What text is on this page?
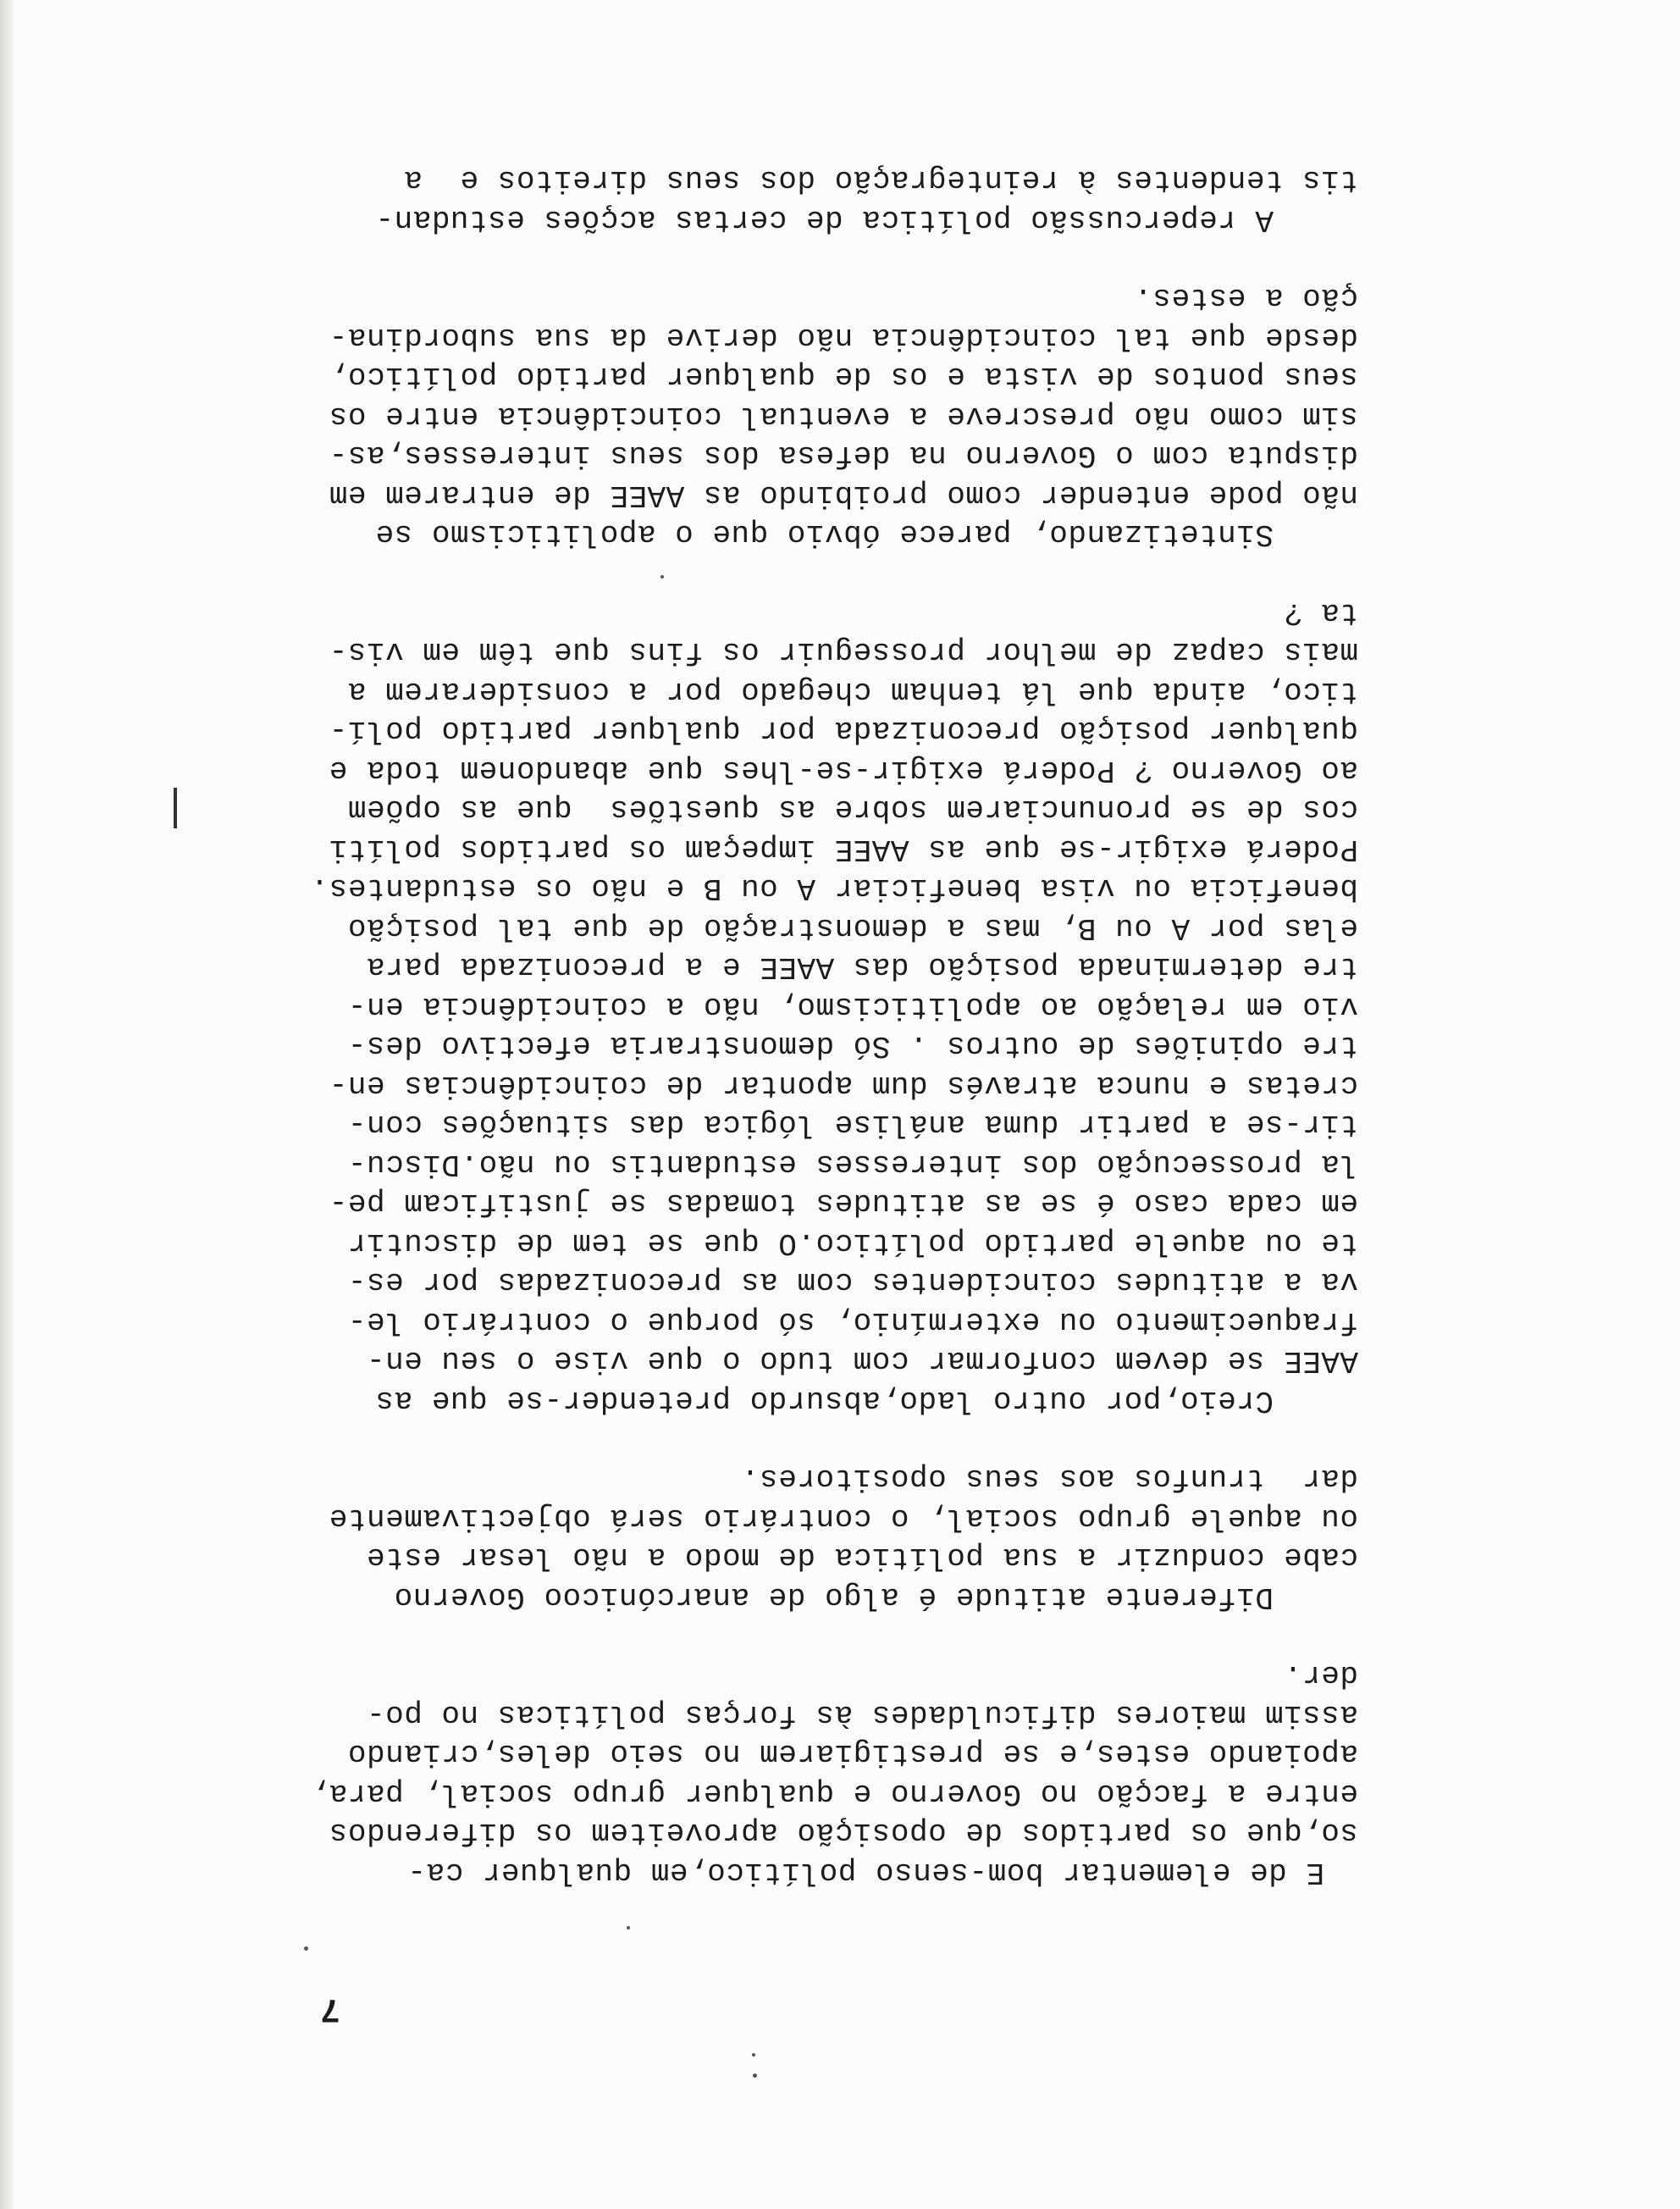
7
E de elementar bom-senso político,em qualquer ca-
so,que os partidos de oposição aproveitem os diferendos
entre a facção no Governo e qualquer grupo social, para,
apoiando estes,e se prestigiarem no seio deles,criando
assim maiores dificuldades às forças políticas no po-
der.
Diferente atitude é algo de anarcónicoo Governo
cabe conduzir a sua política de modo a não lesar este
ou aquele grupo social, o contrário será objectivamente
dar  trunfos aos seus opositores.
Creio,por outro lado,absurdo pretender-se que as
AAEE se devem conformar com tudo o que vise o seu en-
fraquecimento ou extermínio, só porque o contrário le-
va a atitudes coincidentes com as preconizadas por es-
te ou aquele partido político.O que se tem de discutir
em cada caso é se as atitudes tomadas se justificam pe-
la prossecução dos interesses estudantis ou não.Discu-
tir-se a partir duma análise lógica das situações con-
cretas e nunca através dum apontar de coincidências en-
tre opiniões de outros . Só demonstraria efectivo des-
vio em relação ao apoliticismo, não a coincidência en-
tre determinada posição das AAEE e a preconizada para
elas por A ou B, mas a demonstração de que tal posição
beneficia ou visa beneficiar A ou B e não os estudantes.
Poderá exigir-se que as AAEE impeçam os partidos políti
cos de se pronunciarem sobre as questões  que as opõem
ao Governo ? Poderá exigir-se-lhes que abandonem toda e
qualquer posição preconizada por qualquer partido polí-
tico, ainda que lá tenham chegado por a considerarem a
mais capaz de melhor prosseguir os fins que têm em vis-
ta ?
Sintetizando, parece óbvio que o apoliticismo se
não pode entender como proibindo as AAEE de entrarem em
disputa com o Governo na defesa dos seus interesses,as-
sim como não prescreve a eventual coincidência entre os
seus pontos de vista e os de qualquer partido político,
desde que tal coincidência não derive da sua subordina-
ção a estes.
A repercussão política de certas acções estudan-
tis tendentes à reintegração dos seus direitos e  a
